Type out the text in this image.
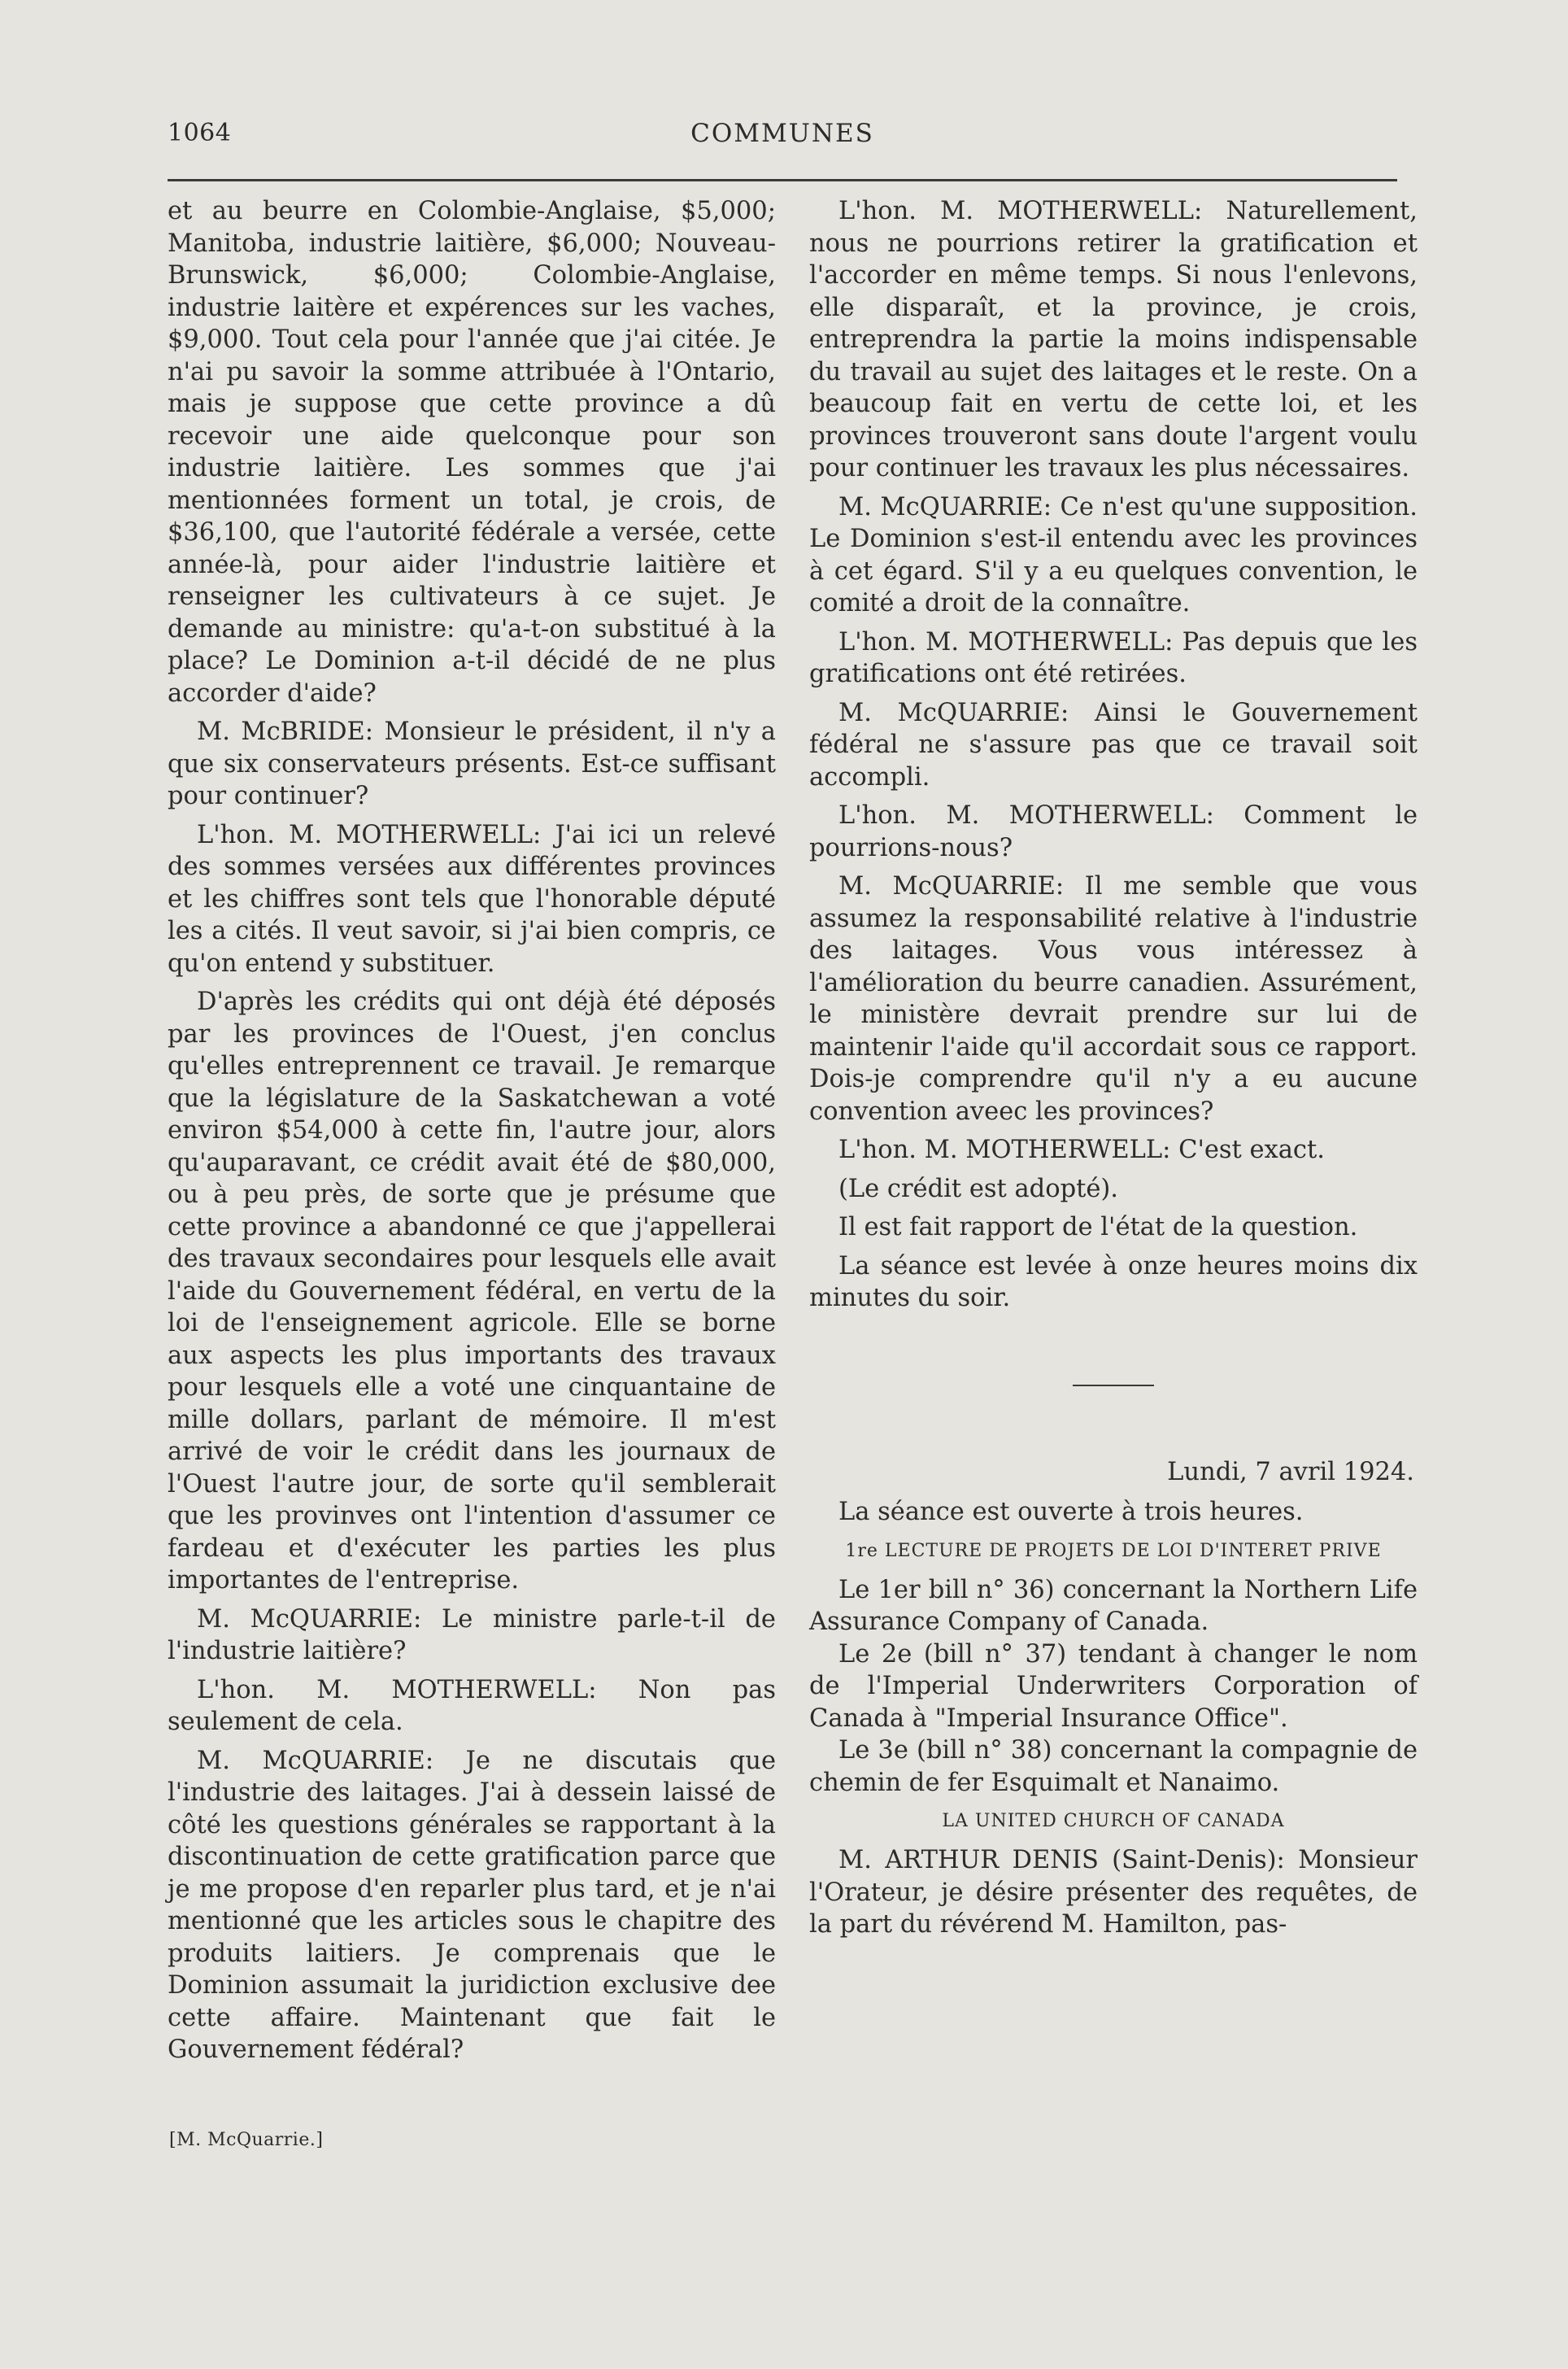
1064	COMMUNES

et au beurre en Colombie-Anglaise, $5,000; Manitoba, industrie laitière, $6,000; Nouveau-Brunswick, $6,000; Colombie-Anglaise, industrie laitère et expérences sur les vaches, $9,000. Tout cela pour l'année que j'ai citée. Je n'ai pu savoir la somme attribuée à l'Ontario, mais je suppose que cette province a dû recevoir une aide quelconque pour son industrie laitière. Les sommes que j'ai mentionnées forment un total, je crois, de $36,100, que l'autorité fédérale a versée, cette année-là, pour aider l'industrie laitière et renseigner les cultivateurs à ce sujet. Je demande au ministre: qu'a-t-on substitué à la place? Le Dominion a-t-il décidé de ne plus accorder d'aide?

M. McBRIDE: Monsieur le président, il n'y a que six conservateurs présents. Est-ce suffisant pour continuer?

L'hon. M. MOTHERWELL: J'ai ici un relevé des sommes versées aux différentes provinces et les chiffres sont tels que l'honorable député les a cités. Il veut savoir, si j'ai bien compris, ce qu'on entend y substituer.

D'après les crédits qui ont déjà été déposés par les provinces de l'Ouest, j'en conclus qu'elles entreprennent ce travail. Je remarque que la législature de la Saskatchewan a voté environ $54,000 à cette fin, l'autre jour, alors qu'auparavant, ce crédit avait été de $80,000, ou à peu près, de sorte que je présume que cette province a abandonné ce que j'appellerai des travaux secondaires pour lesquels elle avait l'aide du Gouvernement fédéral, en vertu de la loi de l'enseignement agricole. Elle se borne aux aspects les plus importants des travaux pour lesquels elle a voté une cinquantaine de mille dollars, parlant de mémoire. Il m'est arrivé de voir le crédit dans les journaux de l'Ouest l'autre jour, de sorte qu'il semblerait que les provinves ont l'intention d'assumer ce fardeau et d'exécuter les parties les plus importantes de l'entreprise.

M. McQUARRIE: Le ministre parle-t-il de l'industrie laitière?

L'hon. M. MOTHERWELL: Non pas seulement de cela.

M. McQUARRIE: Je ne discutais que l'industrie des laitages. J'ai à dessein laissé de côté les questions générales se rapportant à la discontinuation de cette gratification parce que je me propose d'en reparler plus tard, et je n'ai mentionné que les articles sous le chapitre des produits laitiers. Je comprenais que le Dominion assumait la juridiction exclusive dee cette affaire. Maintenant que fait le Gouvernement fédéral?

[M. McQuarrie.]

L'hon. M. MOTHERWELL: Naturellement, nous ne pourrions retirer la gratification et l'accorder en même temps. Si nous l'enlevons, elle disparaît, et la province, je crois, entreprendra la partie la moins indispensable du travail au sujet des laitages et le reste. On a beaucoup fait en vertu de cette loi, et les provinces trouveront sans doute l'argent voulu pour continuer les travaux les plus nécessaires.

M. McQUARRIE: Ce n'est qu'une supposition. Le Dominion s'est-il entendu avec les provinces à cet égard. S'il y a eu quelques convention, le comité a droit de la connaître.

L'hon. M. MOTHERWELL: Pas depuis que les gratifications ont été retirées.

M. McQUARRIE: Ainsi le Gouvernement fédéral ne s'assure pas que ce travail soit accompli.

L'hon. M. MOTHERWELL: Comment le pourrions-nous?

M. McQUARRIE: Il me semble que vous assumez la responsabilité relative à l'industrie des laitages. Vous vous intéressez à l'amélioration du beurre canadien. Assurément, le ministère devrait prendre sur lui de maintenir l'aide qu'il accordait sous ce rapport. Dois-je comprendre qu'il n'y a eu aucune convention aveec les provinces?

L'hon. M. MOTHERWELL: C'est exact.

(Le crédit est adopté).

Il est fait rapport de l'état de la question.

La séance est levée à onze heures moins dix minutes du soir.

Lundi, 7 avril 1924.

La séance est ouverte à trois heures.

1re LECTURE DE PROJETS DE LOI D'INTERET PRIVE

Le 1er bill n° 36) concernant la Northern Life Assurance Company of Canada.

Le 2e (bill n° 37) tendant à changer le nom de l'Imperial Underwriters Corporation of Canada à "Imperial Insurance Office".

Le 3e (bill n° 38) concernant la compagnie de chemin de fer Esquimalt et Nanaimo.

LA UNITED CHURCH OF CANADA

M. ARTHUR DENIS (Saint-Denis): Monsieur l'Orateur, je désire présenter des requêtes, de la part du révérend M. Hamilton, pas-
